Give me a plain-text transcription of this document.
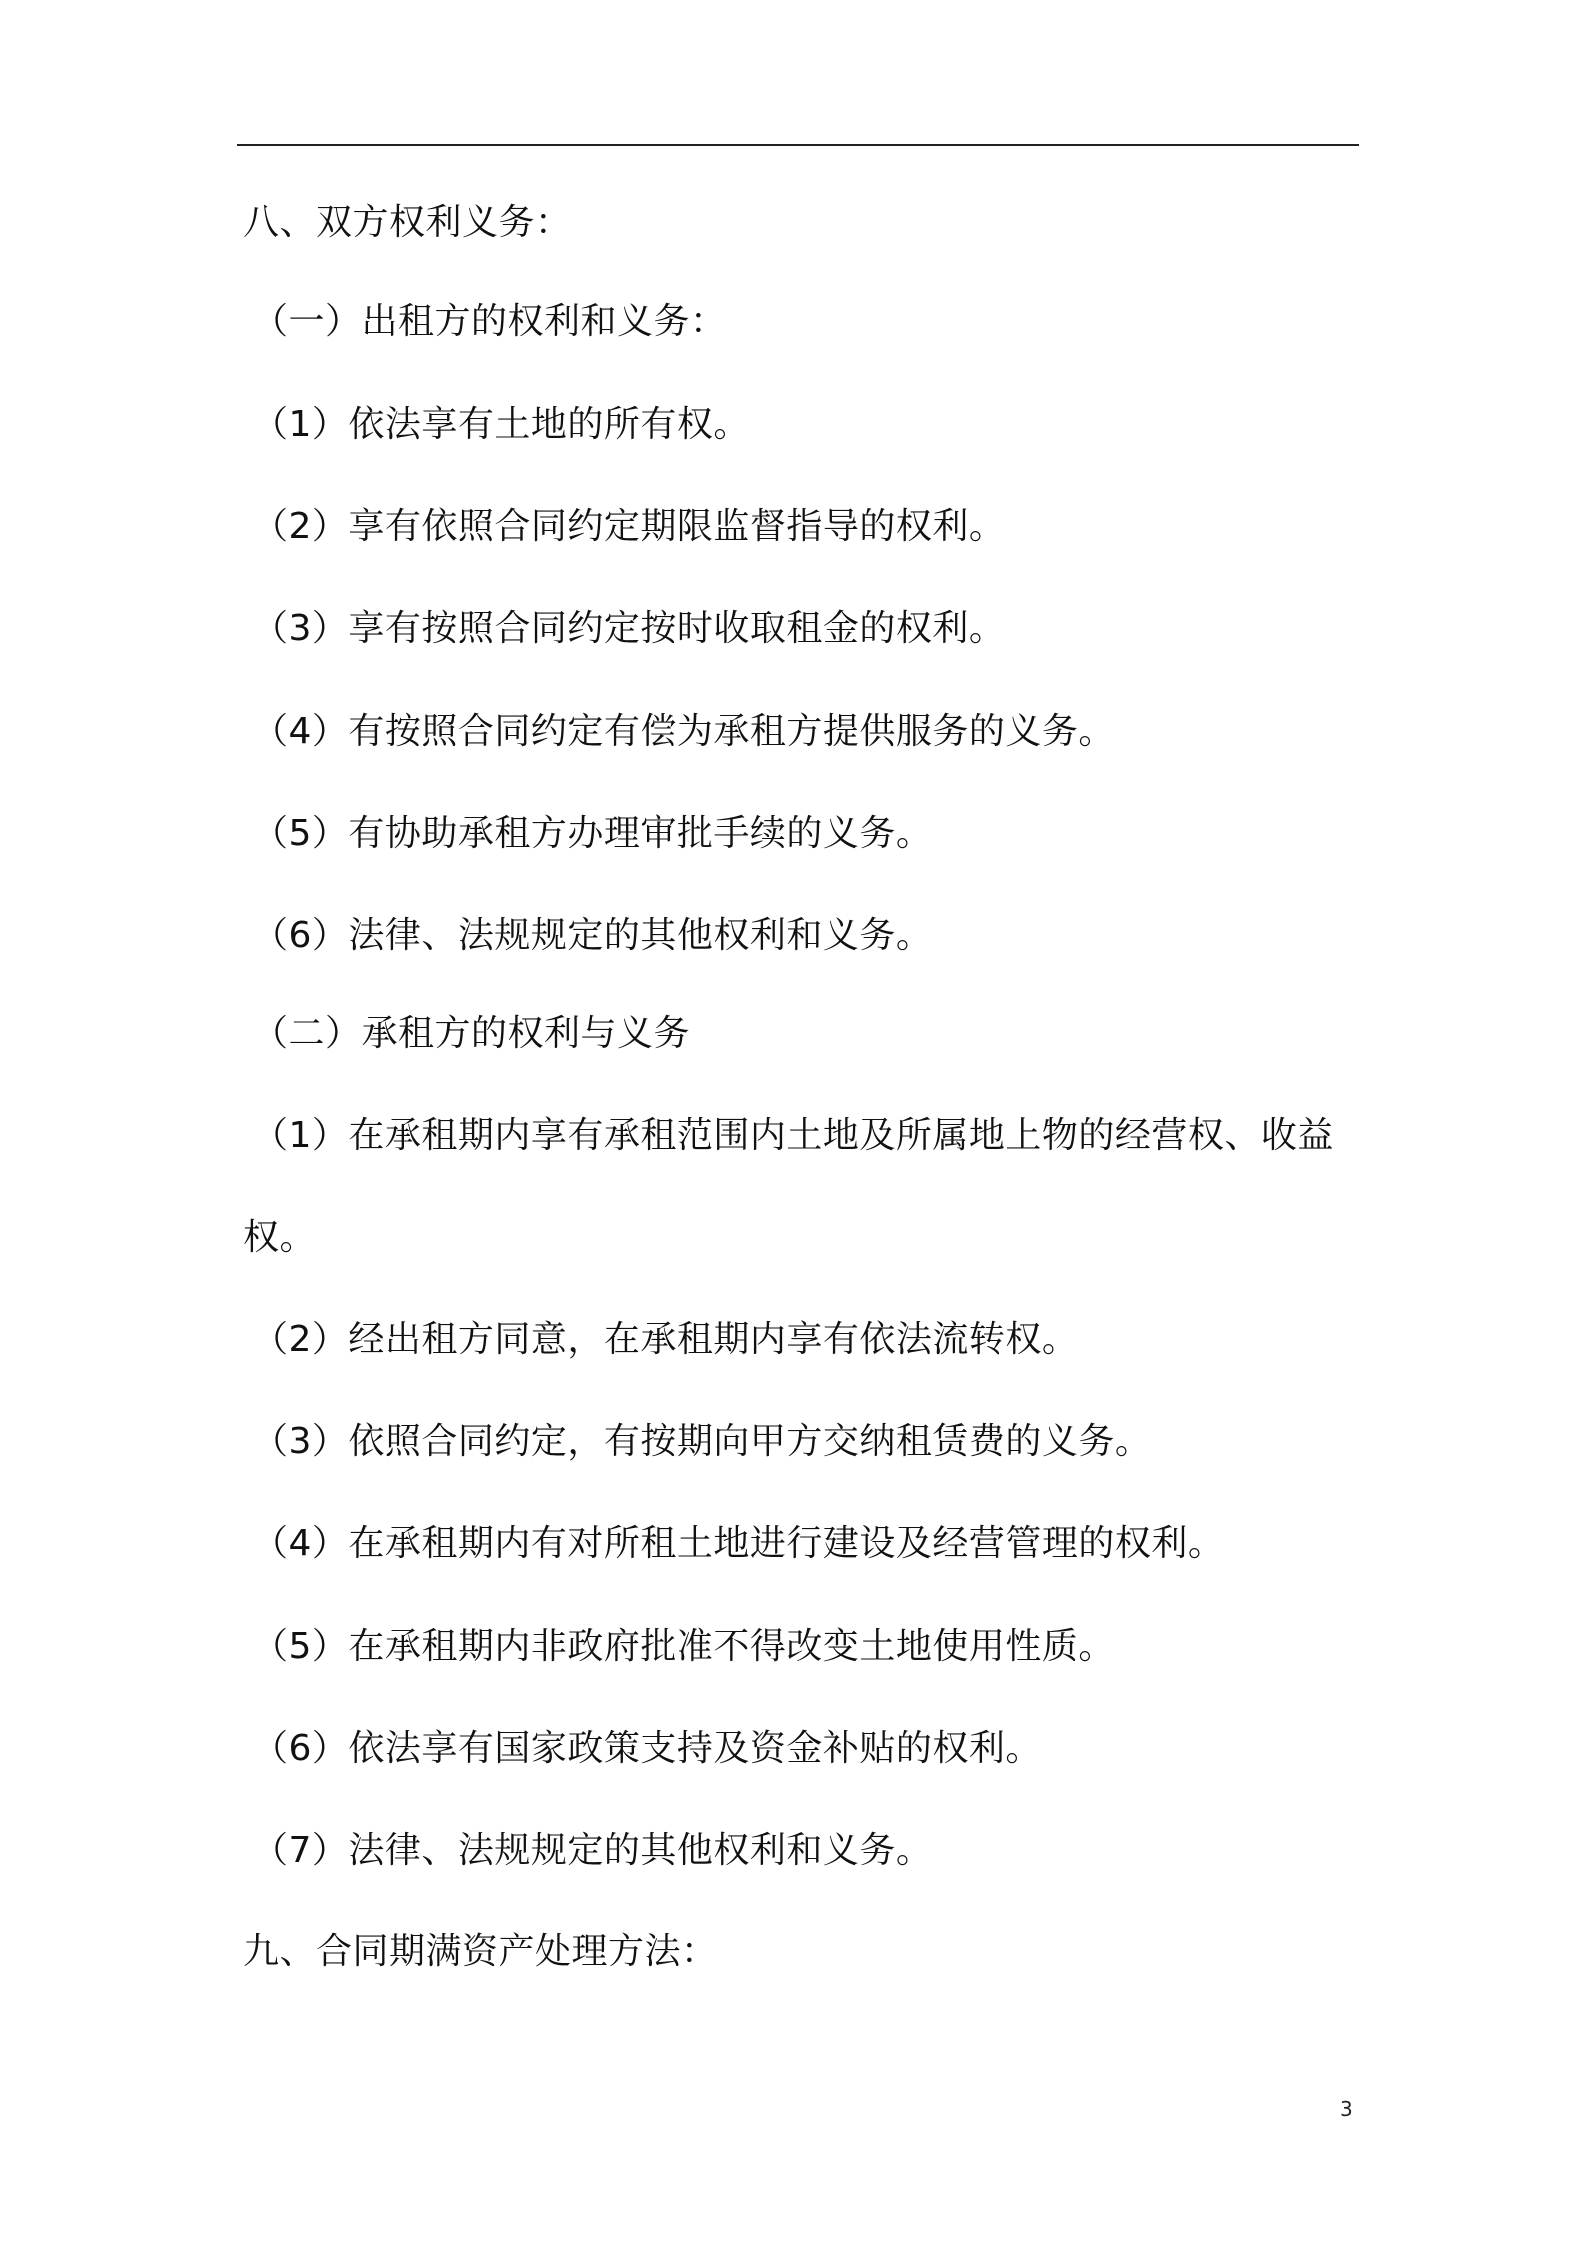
八、双方权利义务：
（一）出租方的权利和义务：
（1）依法享有土地的所有权。
（2）享有依照合同约定期限监督指导的权利。
（3）享有按照合同约定按时收取租金的权利。
（4）有按照合同约定有偿为承租方提供服务的义务。
（5）有协助承租方办理审批手续的义务。
（6）法律、法规规定的其他权利和义务。
（二）承租方的权利与义务
（1）在承租期内享有承租范围内土地及所属地上物的经营权、收益
权。
（2）经出租方同意，在承租期内享有依法流转权。
（3）依照合同约定，有按期向甲方交纳租赁费的义务。
（4）在承租期内有对所租土地进行建设及经营管理的权利。
（5）在承租期内非政府批准不得改变土地使用性质。
（6）依法享有国家政策支持及资金补贴的权利。
（7）法律、法规规定的其他权利和义务。
九、合同期满资产处理方法：
3
